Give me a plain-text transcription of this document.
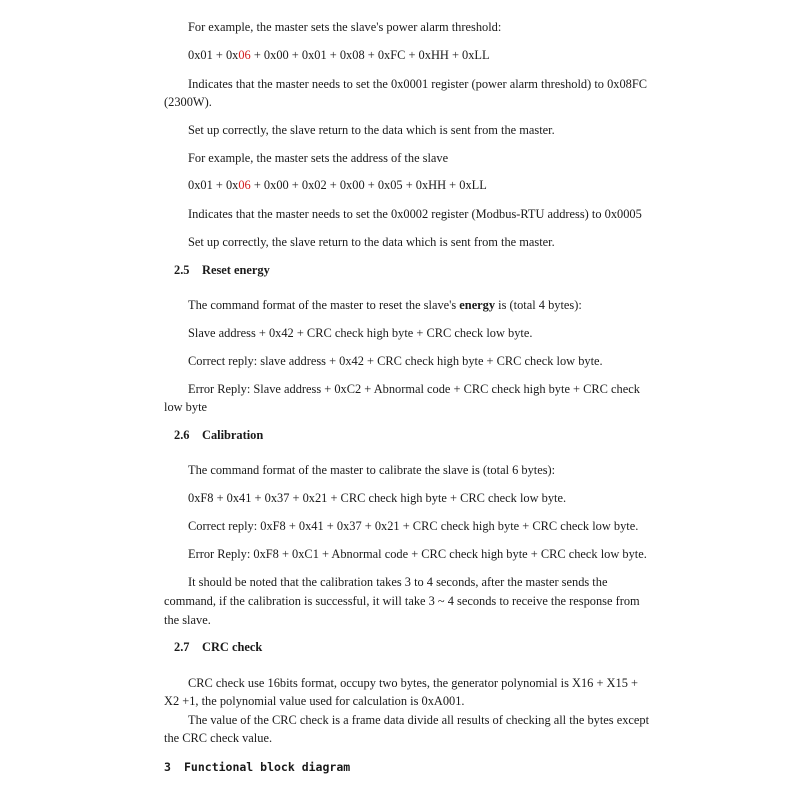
For example, the master sets the slave's power alarm threshold:
0x01 + 0x06 + 0x00 + 0x01 + 0x08 + 0xFC + 0xHH + 0xLL
Indicates that the master needs to set the 0x0001 register (power alarm threshold) to 0x08FC
(2300W).
Set up correctly, the slave return to the data which is sent from the master.
For example, the master sets the address of the slave
0x01 + 0x06 + 0x00 + 0x02 + 0x00 + 0x05 + 0xHH + 0xLL
Indicates that the master needs to set the 0x0002 register (Modbus-RTU address) to 0x0005
Set up correctly, the slave return to the data which is sent from the master.
2.5 Reset energy
The command format of the master to reset the slave's energy is (total 4 bytes):
Slave address + 0x42 + CRC check high byte + CRC check low byte.
Correct reply: slave address + 0x42 + CRC check high byte + CRC check low byte.
Error Reply: Slave address + 0xC2 + Abnormal code + CRC check high byte + CRC check
low byte
2.6 Calibration
The command format of the master to calibrate the slave is (total 6 bytes):
0xF8 + 0x41 + 0x37 + 0x21 + CRC check high byte + CRC check low byte.
Correct reply: 0xF8 + 0x41 + 0x37 + 0x21 + CRC check high byte + CRC check low byte.
Error Reply: 0xF8 + 0xC1 + Abnormal code + CRC check high byte + CRC check low byte.
It should be noted that the calibration takes 3 to 4 seconds, after the master sends the
command, if the calibration is successful, it will take 3 ~ 4 seconds to receive the response from
the slave.
2.7 CRC check
CRC check use 16bits format, occupy two bytes, the generator polynomial is X16 + X15 +
X2 +1, the polynomial value used for calculation is 0xA001.
The value of the CRC check is a frame data divide all results of checking all the bytes except
the CRC check value.
3 Functional block diagram
